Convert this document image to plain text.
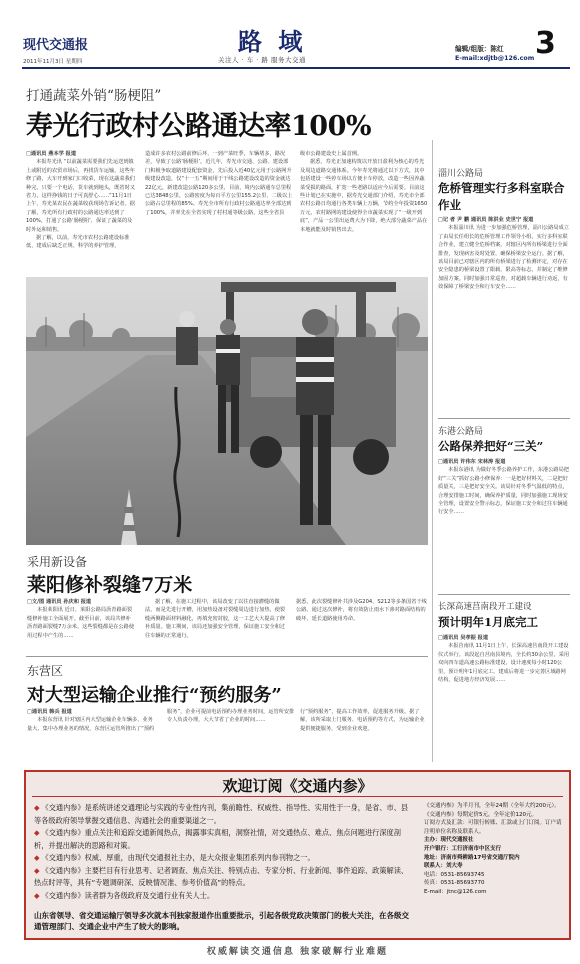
现代交通报
2011年11月3日 星期四
路 域
关注人 · 车 · 路 服务大交通
编辑/组版：陈红
E-mail:xdjtb@126.com 3
打通蔬菜外销“肠梗阻”
寿光行政村公路通达率100%
□通讯员 燕本学 报道
本报寿光讯 “以前蔬菜需要我们先运送到镇上或附近的农贸市场后，再找货车运输，这些年修了路，大车开到家门口收菜，现在这蔬菜我们种完，只要一个电话，货车就到地头，既省时又省力，这样挣钱的日子可真舒心……”11月1日上午，寿光某农民在蔬菜收获现场告诉记者。据了解，寿光所有行政村的公路通达率达到了100%，打通了公路‘肠梗阻’，保证了蔬菜的及时外运和销售。
据了解，以前，寿光市农村公路建设标准低，建成后缺乏正规、科学的养护管理，
造成许多农村公路前修后坏，一到产菜旺季，车辆堵多，路况差，导致了公路‘肠梗阻’。近几年，寿光市交通、公路、建设部门积极争取道路建设配套资金，先后投入近40亿元用于公路网升级建设改造，仅“十一五”期间用于干线公路建设改造的资金就达22亿元，新建改造公路120多公里，目前，境内公路通车总里程已达3848公里，公路密度为每百平方公里155.2公里，二级以上公路占总里程的85%。寿光全市所有行政村公路通达率全部达到了100%，并率先在全省实现了村村通等级公路，这些全省县
级市公路建设史上属首例。
据悉，寿光正加速构筑以开放日盈利为核心的寿光及周边道路交通体系。今年寿光将通过以下方式，其中包括建设一些停车场以方便卡车停放，改造一些因养蔬菜受损的路面，扩宽一些老路以适应今后需要。目前这些计划已在实施中，据寿光交通部门介绍，寿光市全部农村公路日均通行各类车辆上万辆，节约全年投资1650万元，农村路网的建设使得全市蔬菜实现了“一级开到底”，产品一公里出运费大为下降，绝大部分蔬菜产品在本地就能及时销售出去。
采用新设备
莱阳修补裂缝7万米
□文/图 通讯员 孙庆和 报道
本报莱阳讯 近日，莱阳公路局沥青路面裂缝修补施工全面展开。截至目前，该局共修补沥青路面裂缝7万余米。这些裂缝都是在公路使用过程中产生的……
据了解，在施工过程中，该局改变了以往直接灌缝的做法，而是先进行开槽，用加热设备对裂缝周边进行加热，使裂缝两侧路面材料融化，再填充密封胶，这一工艺大大提高了修补质量。施工期间，该局还加强安全管理，保证施工安全和过往车辆的正常通行。
据悉，此次裂缝修补共涉及G204、S212等多条国省干线公路。通过这次修补，将有效防止雨水下渗对路面结构的破坏，延长道路使用寿命。
东营区
对大型运输企业推行“预约服务”
□通讯员 韩兵 报道
本报东营讯 针对辖区内大型运输企业车辆多、业务量大、集中办理业务的情况，东营区运管所推出了“预约服务”，企业可提前电话预约办理业务时间，运管所安排专人负责办理，大大节省了企业的时间……
行“预约服务”，提高工作效率，促进服务升级。据了解，该所采取上门服务、电话预约等方式，为运输企业提供便捷服务，受到企业欢迎。
淄川公路局
危桥管理实行多科室联合作业
□记 者 尹 鹏 通讯员 陈洪业 史世宁 报道
本报淄川讯 为进一步加强危桥管理，淄川公路局成立了由局长任组长的危桥管理工作领导小组，实行多科室联合作业，建立健全危桥档案，对辖区内所有桥梁进行全面排查，发现病害及时处置，确保桥梁安全运行。据了解，该局目前已对辖区内的所有桥梁进行了检测评定，对存在安全隐患的桥梁设置了限载、限高等标志，并制定了维修加固方案。同时加强日常巡查，对超载车辆进行劝返，有效保障了桥梁安全和行车安全……
东港公路局
公路保养把好“三关”
□通讯员 许伟东 宋林涛 报道
本报东港讯 为做好冬季公路养护工作，东港公路局把好“三关”抓好公路小修保养：一是把好材料关，二是把好质量关，三是把好安全关。该局针对冬季气温低的特点，合理安排施工时间，确保养护质量，同时加强施工现场安全管理，设置安全警示标志，保证施工安全和过往车辆通行安全……
长深高速莒南段开工建设
预计明年1月底完工
□通讯员 吴孝振 报道
本报莒南讯 11月1日上午，长深高速莒南段开工建设仪式举行。该段起自莒南县境内，全长约30余公里，采用双向四车道高速公路标准建设，设计速度每小时120公里，预计明年1月底完工。建成后将进一步完善区域路网结构，促进地方经济发展……
欢迎订阅《交通内参》
◆ 《交通内参》是系统讲述交通理论与实践的专业性内刊，集前瞻性、权威性、指导性、实用性于一身，是省、市、县等各级政府领导掌握交通信息、沟通社会的重要渠道之一。
◆ 《交通内参》重点关注和追踪交通新闻热点，揭露事实真相，洞察社情，对交通热点、难点、焦点问题进行深度剖析，并提出解决的思路和对策。
◆ 《交通内参》权威、厚重，由现代交通报社主办，是大众报业集团系列内参刊物之一。
◆ 《交通内参》主要栏目有行业思考、记者调查、焦点关注、特别点击、专家分析、行业新闻、事件追踪、政策解读、热点时评等，具有“专题调研深、反映情况准、参考价值高”的特点。
◆ 《交通内参》读者群为各级政府及交通行业有关人士。
山东省领导、省交通运输厅领导多次就本刊独家报道作出重要批示，引起各级党政决策部门的极大关注，在各级交通管理部门、交通企业中产生了较大的影响。
《交通内参》为半月刊，全年24期（全年大约200元）。
《交通内参》每期定价5元，全年定价120元。
订阅方式及汇款：可银行转账、汇款或上门订阅。订户请注明单位名称及联系人。
主办：现代交通报社
开户银行：工行济南市中区支行
地址：济南市舜耕路17号省交通厅院内
联系人：刘大寿
电话：0531-85693745
传真：0531-85693770
E-mail：jtnc@126.com
权威解读交通信息 独家破解行业难题
